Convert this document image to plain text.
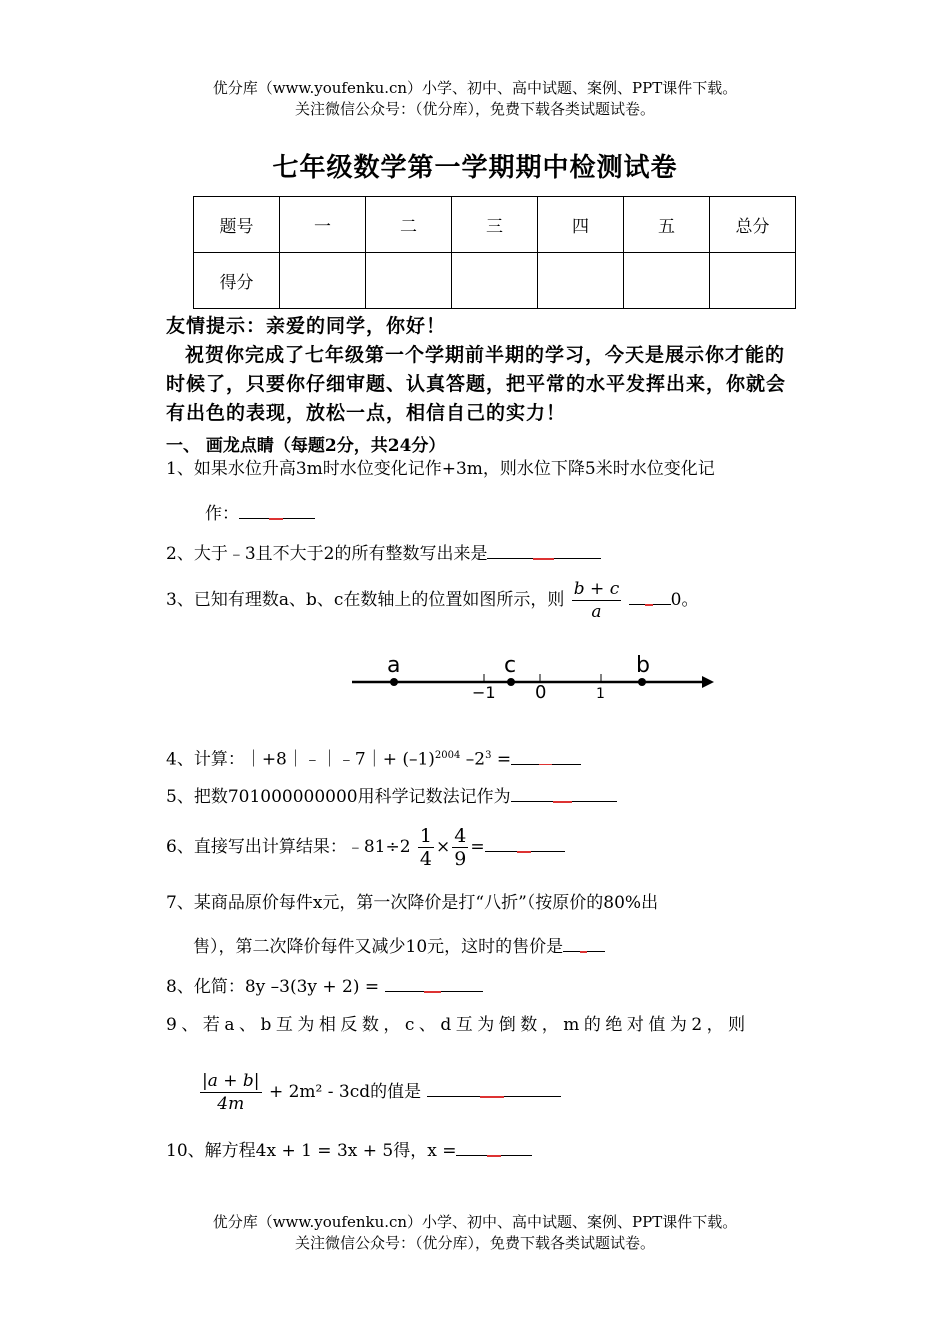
优分库（www.youfenku.cn）小学、初中、高中试题、案例、PPT课件下载。
关注微信公众号：（优分库），免费下载各类试题试卷。
七年级数学第一学期期中检测试卷
题号	一	二	三	四	五	总分
得分						
友情提示：亲爱的同学，你好！
祝贺你完成了七年级第一个学期前半期的学习，今天是展示你才能的时候了，只要你仔细审题、认真答题，把平常的水平发挥出来，你就会有出色的表现，放松一点，相信自己的实力！
一、 画龙点睛（每题2分，共24分）
1、如果水位升高3m时水位变化记作+3m，则水位下降5米时水位变化记
作：
2、大于﹣3且不大于2的所有整数写出来是
3、已知有理数a、b、c在数轴上的位置如图所示，则 $\frac{b + c}{a}$	0。
a	c	b
−1 0	1
4、计算：｜+8｜﹣｜﹣7｜+ $(-1)^{2004}$ $-2^3$ =
5、把数701000000000用科学记数法记作为
6、直接写出计算结果：﹣81÷2 $\frac{1}{4} \times \frac{4}{9}$ =
7、某商品原价每件x元，第一次降价是打“八折”（按原价的80%出
售），第二次降价每件又减少10元，这时的售价是
8、化简：8y –3(3y + 2) =
9、若a、b互为相反数，c、d互为倒数，m的绝对值为2，则
$\frac{|a + b|}{4m} + 2m^2 - 3cd$的值是
10、解方程4x + 1 = 3x + 5得，x =
优分库（www.youfenku.cn）小学、初中、高中试题、案例、PPT课件下载。
关注微信公众号：（优分库），免费下载各类试题试卷。
